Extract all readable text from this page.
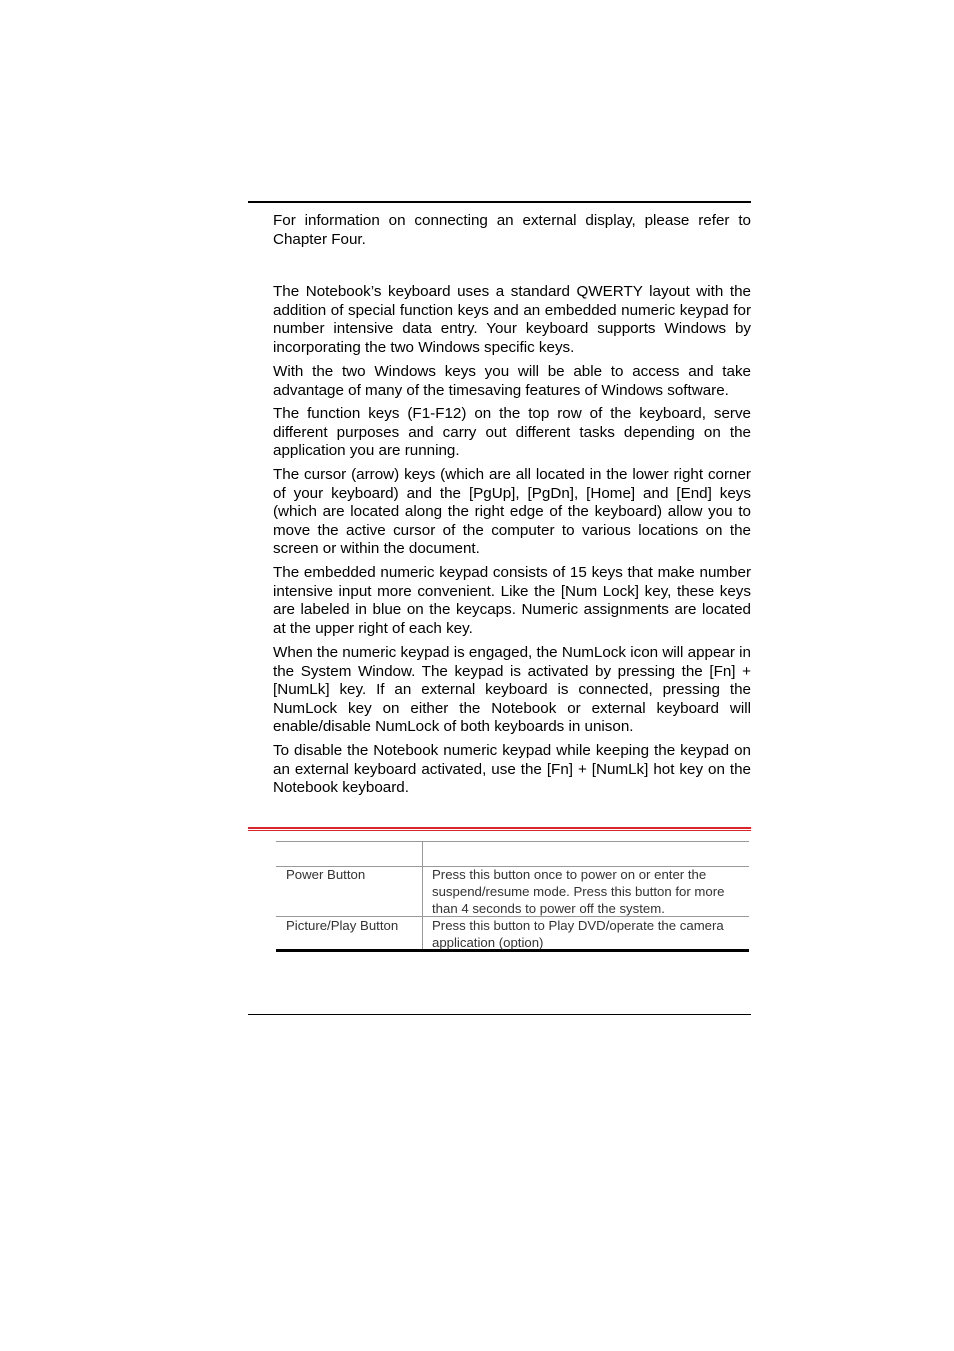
For information on connecting an external display, please refer to Chapter Four.

The Notebook’s keyboard uses a standard QWERTY layout with the addition of special function keys and an embedded numeric keypad for number intensive data entry. Your keyboard supports Windows by incorporating the two Windows specific keys.

With the two Windows keys you will be able to access and take advantage of many of the timesaving features of Windows software.

The function keys (F1-F12) on the top row of the keyboard, serve different purposes and carry out different tasks depending on the application you are running.

The cursor (arrow) keys (which are all located in the lower right corner of your keyboard) and the [PgUp], [PgDn], [Home] and [End] keys (which are located along the right edge of the keyboard) allow you to move the active cursor of the computer to various locations on the screen or within the document.

The embedded numeric keypad consists of 15 keys that make number intensive input more convenient. Like the [Num Lock] key, these keys are labeled in blue on the keycaps. Numeric assignments are located at the upper right of each key.

When the numeric keypad is engaged, the NumLock icon will appear in the System Window. The keypad is activated by pressing the [Fn] + [NumLk] key. If an external keyboard is connected, pressing the NumLock key on either the Notebook or external keyboard will enable/disable NumLock of both keyboards in unison.

To disable the Notebook numeric keypad while keeping the keypad on an external keyboard activated, use the [Fn] + [NumLk] hot key on the Notebook keyboard.

Power Button	Press this button once to power on or enter the suspend/resume mode. Press this button for more than 4 seconds to power off the system.

Picture/Play Button	Press this button to Play DVD/operate the camera application (option)
